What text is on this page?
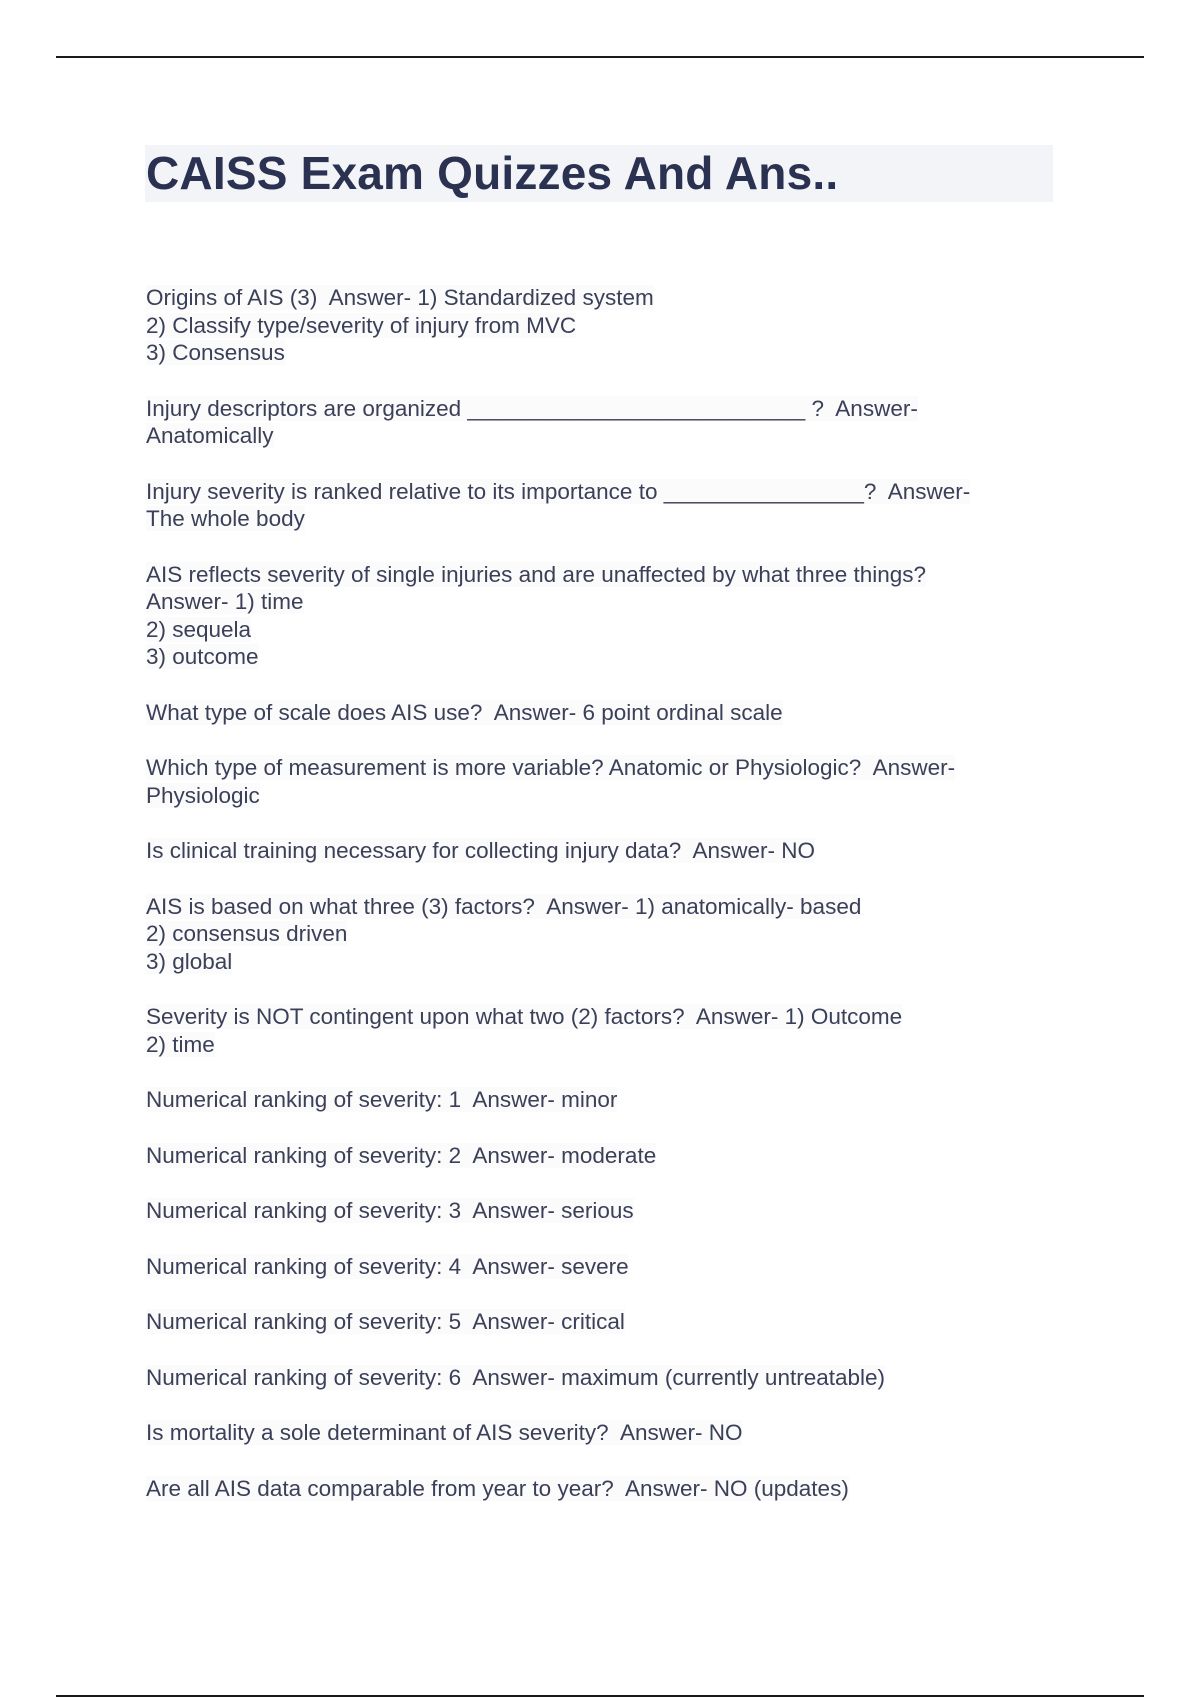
CAISS Exam Quizzes And Ans..

Origins of AIS (3)  Answer- 1) Standardized system
2) Classify type/severity of injury from MVC
3) Consensus

Injury descriptors are organized ___________________________ ?  Answer-
Anatomically

Injury severity is ranked relative to its importance to ________________?  Answer-
The whole body

AIS reflects severity of single injuries and are unaffected by what three things?
Answer- 1) time
2) sequela
3) outcome

What type of scale does AIS use?  Answer- 6 point ordinal scale

Which type of measurement is more variable? Anatomic or Physiologic?  Answer-
Physiologic

Is clinical training necessary for collecting injury data?  Answer- NO

AIS is based on what three (3) factors?  Answer- 1) anatomically- based
2) consensus driven
3) global

Severity is NOT contingent upon what two (2) factors?  Answer- 1) Outcome
2) time

Numerical ranking of severity: 1  Answer- minor

Numerical ranking of severity: 2  Answer- moderate

Numerical ranking of severity: 3  Answer- serious

Numerical ranking of severity: 4  Answer- severe

Numerical ranking of severity: 5  Answer- critical

Numerical ranking of severity: 6  Answer- maximum (currently untreatable)

Is mortality a sole determinant of AIS severity?  Answer- NO

Are all AIS data comparable from year to year?  Answer- NO (updates)
